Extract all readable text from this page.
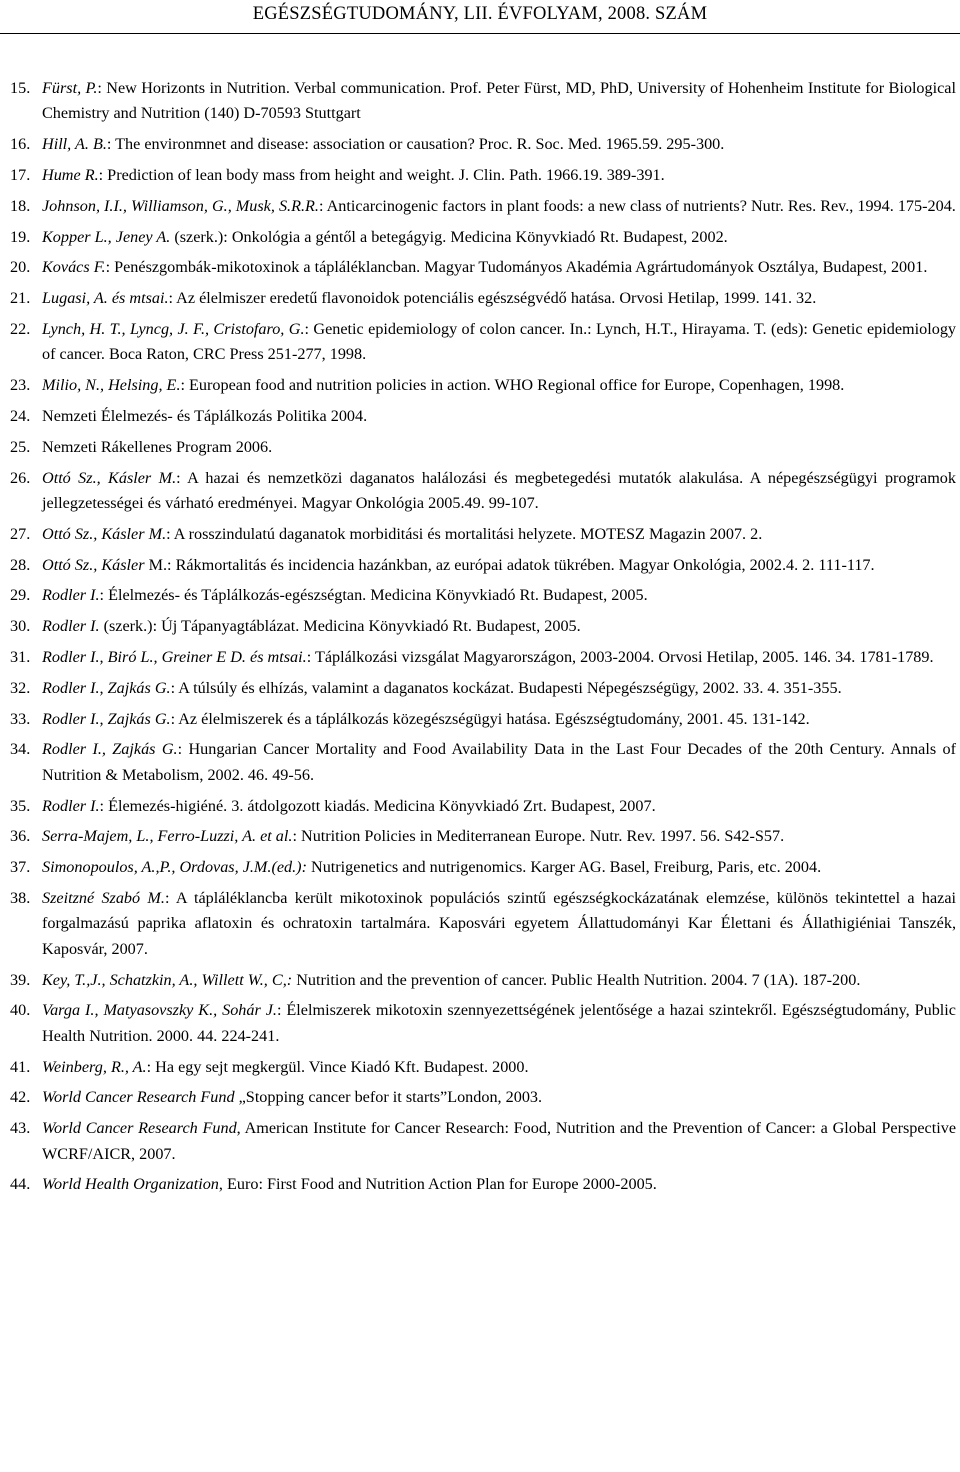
EGÉSZSÉGTUDOMÁNY, LII. ÉVFOLYAM, 2008. SZÁM
15. Fürst, P.: New Horizonts in Nutrition. Verbal communication. Prof. Peter Fürst, MD, PhD, University of Hohenheim Institute for Biological Chemistry and Nutrition (140) D-70593 Stuttgart
16. Hill, A. B.: The environmnet and disease: association or causation? Proc. R. Soc. Med. 1965.59. 295-300.
17. Hume R.: Prediction of lean body mass from height and weight. J. Clin. Path. 1966.19. 389-391.
18. Johnson, I.I., Williamson, G., Musk, S.R.R.: Anticarcinogenic factors in plant foods: a new class of nutrients? Nutr. Res. Rev., 1994. 175-204.
19. Kopper L., Jeney A. (szerk.): Onkológia a géntől a betegágyig. Medicina Könyvkiadó Rt. Budapest, 2002.
20. Kovács F.: Penészgombák-mikotoxinok a tápláléklancban. Magyar Tudományos Akadémia Agrártudományok Osztálya, Budapest, 2001.
21. Lugasi, A. és mtsai.: Az élelmiszer eredetű flavonoidok potenciális egészségvédő hatása. Orvosi Hetilap, 1999. 141. 32.
22. Lynch, H. T., Lyncg, J. F., Cristofaro, G.: Genetic epidemiology of colon cancer. In.: Lynch, H.T., Hirayama. T. (eds): Genetic epidemiology of cancer. Boca Raton, CRC Press 251-277, 1998.
23. Milio, N., Helsing, E.: European food and nutrition policies in action. WHO Regional office for Europe, Copenhagen, 1998.
24. Nemzeti Élelmezés- és Táplálkozás Politika 2004.
25. Nemzeti Rákellenes Program 2006.
26. Ottó Sz., Kásler M.: A hazai és nemzetközi daganatos halálozási és megbetegedési mutatók alakulása. A népegészségügyi programok jellegzetességei és várható eredményei. Magyar Onkológia 2005.49. 99-107.
27. Ottó Sz., Kásler M.: A rosszindulatú daganatok morbiditási és mortalitási helyzete. MOTESZ Magazin 2007. 2.
28. Ottó Sz., Kásler M.: Rákmortalitás és incidencia hazánkban, az európai adatok tükrében. Magyar Onkológia, 2002.4. 2. 111-117.
29. Rodler I.: Élelmezés- és Táplálkozás-egészségtan. Medicina Könyvkiadó Rt. Budapest, 2005.
30. Rodler I. (szerk.): Új Tápanyagtáblázat. Medicina Könyvkiadó Rt. Budapest, 2005.
31. Rodler I., Biró L., Greiner E D. és mtsai.: Táplálkozási vizsgálat Magyarországon, 2003-2004. Orvosi Hetilap, 2005. 146. 34. 1781-1789.
32. Rodler I., Zajkás G.: A túlsúly és elhízás, valamint a daganatos kockázat. Budapesti Népegészségügy, 2002. 33. 4. 351-355.
33. Rodler I., Zajkás G.: Az élelmiszerek és a táplálkozás közegészségügyi hatása. Egészségtudomány, 2001. 45. 131-142.
34. Rodler I., Zajkás G.: Hungarian Cancer Mortality and Food Availability Data in the Last Four Decades of the 20th Century. Annals of Nutrition & Metabolism, 2002. 46. 49-56.
35. Rodler I.: Élemezés-higiéné. 3. átdolgozott kiadás. Medicina Könyvkiadó Zrt. Budapest, 2007.
36. Serra-Majem, L., Ferro-Luzzi, A. et al.: Nutrition Policies in Mediterranean Europe. Nutr. Rev. 1997. 56. S42-S57.
37. Simonopoulos, A.,P., Ordovas, J.M.(ed.): Nutrigenetics and nutrigenomics. Karger AG. Basel, Freiburg, Paris, etc. 2004.
38. Szeitzné Szabó M.: A tápláléklancba került mikotoxinok populációs szintű egészségkockázatának elemzése, különös tekintettel a hazai forgalmazású paprika aflatoxin és ochratoxin tartalmára. Kaposvári egyetem Állattudományi Kar Élettani és Állathigiéniai Tanszék, Kaposvár, 2007.
39. Key, T.,J., Schatzkin, A., Willett W., C,: Nutrition and the prevention of cancer. Public Health Nutrition. 2004. 7 (1A). 187-200.
40. Varga I., Matyasovszky K., Sohár J.: Élelmiszerek mikotoxin szennyezettségének jelentősége a hazai szintekről. Egészségtudomány, Public Health Nutrition. 2000. 44. 224-241.
41. Weinberg, R., A.: Ha egy sejt megkergül. Vince Kiadó Kft. Budapest. 2000.
42. World Cancer Research Fund „Stopping cancer befor it starts”London, 2003.
43. World Cancer Research Fund, American Institute for Cancer Research: Food, Nutrition and the Prevention of Cancer: a Global Perspective WCRF/AICR, 2007.
44. World Health Organization, Euro: First Food and Nutrition Action Plan for Europe 2000-2005.
